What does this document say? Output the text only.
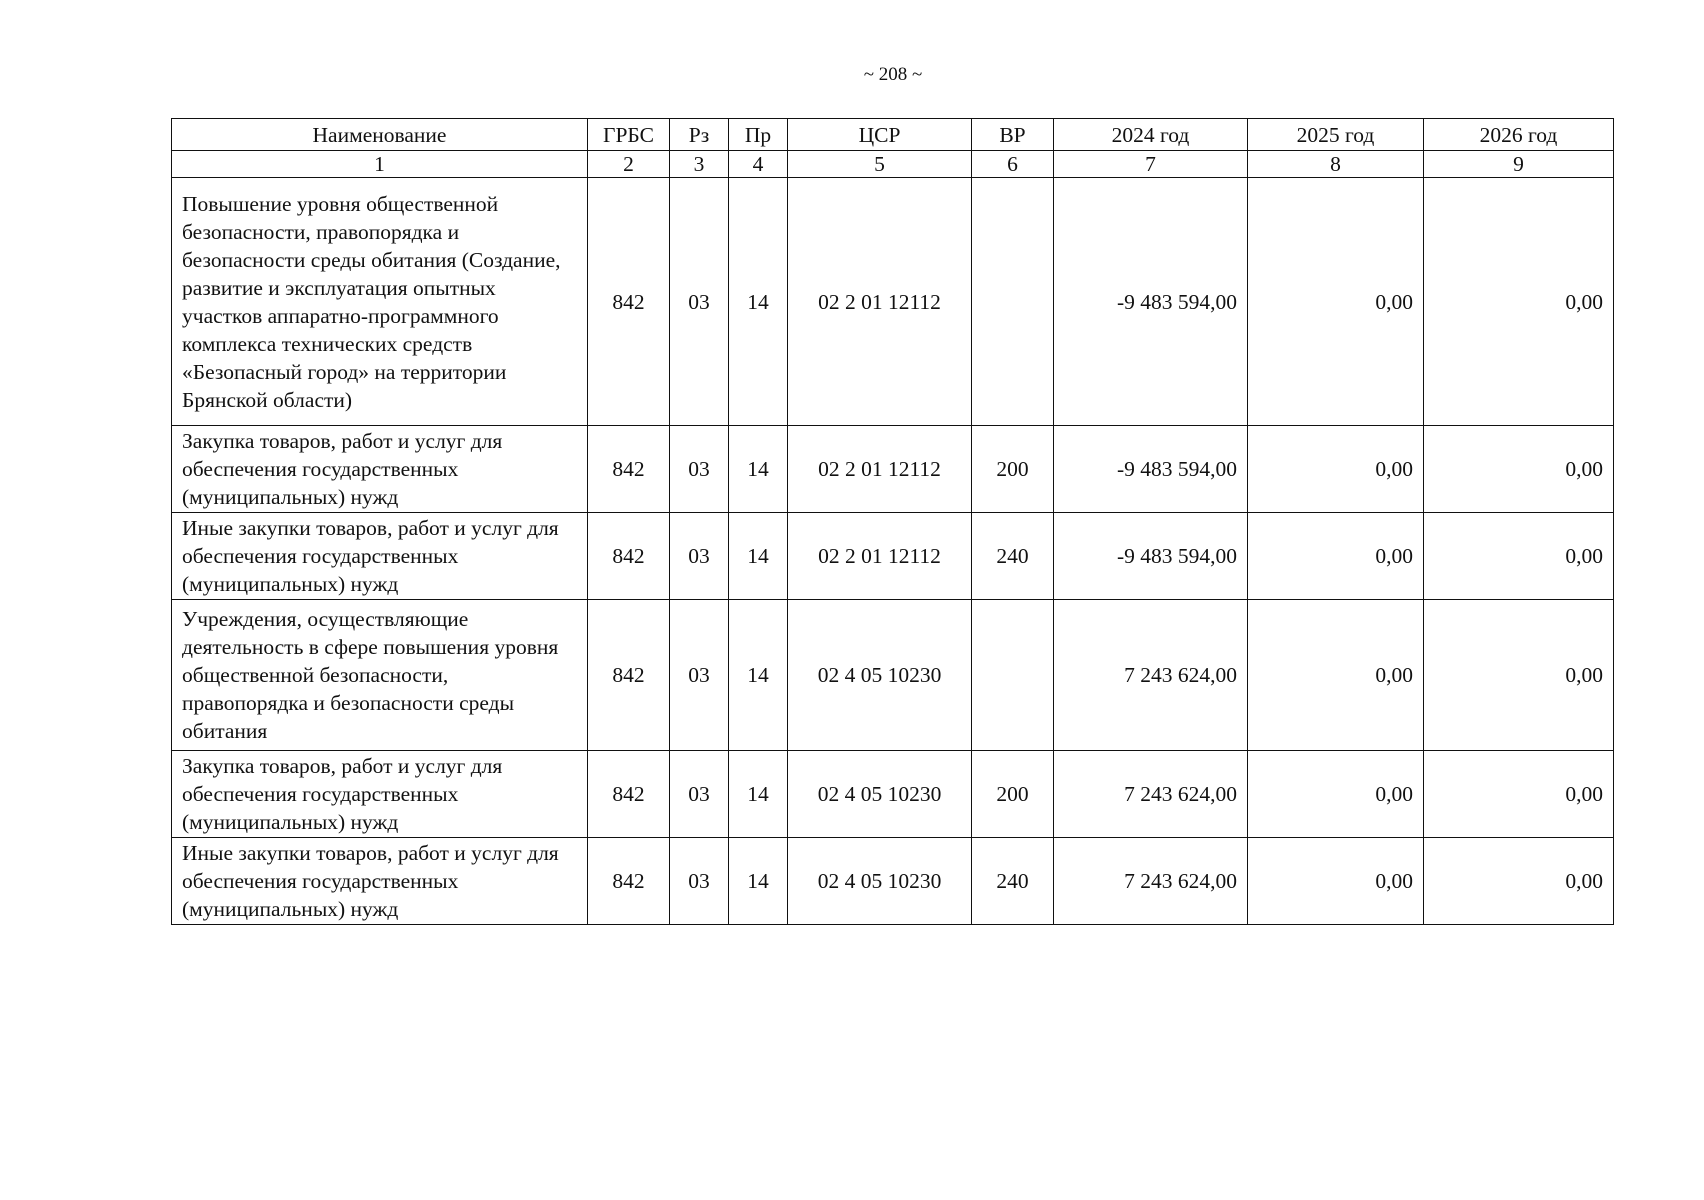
~ 208 ~
Наименование	ГРБС	Рз	Пр	ЦСР	ВР	2024 год	2025 год	2026 год
1	2	3	4	5	6	7	8	9
Повышение уровня общественной безопасности, правопорядка и безопасности среды обитания (Создание, развитие и эксплуатация опытных участков аппаратно-программного комплекса технических средств «Безопасный город» на территории Брянской области)	842	03	14	02 2 01 12112		-9 483 594,00	0,00	0,00
Закупка товаров, работ и услуг для обеспечения государственных (муниципальных) нужд	842	03	14	02 2 01 12112	200	-9 483 594,00	0,00	0,00
Иные закупки товаров, работ и услуг для обеспечения государственных (муниципальных) нужд	842	03	14	02 2 01 12112	240	-9 483 594,00	0,00	0,00
Учреждения, осуществляющие деятельность в сфере повышения уровня общественной безопасности, правопорядка и безопасности среды обитания	842	03	14	02 4 05 10230		7 243 624,00	0,00	0,00
Закупка товаров, работ и услуг для обеспечения государственных (муниципальных) нужд	842	03	14	02 4 05 10230	200	7 243 624,00	0,00	0,00
Иные закупки товаров, работ и услуг для обеспечения государственных (муниципальных) нужд	842	03	14	02 4 05 10230	240	7 243 624,00	0,00	0,00
